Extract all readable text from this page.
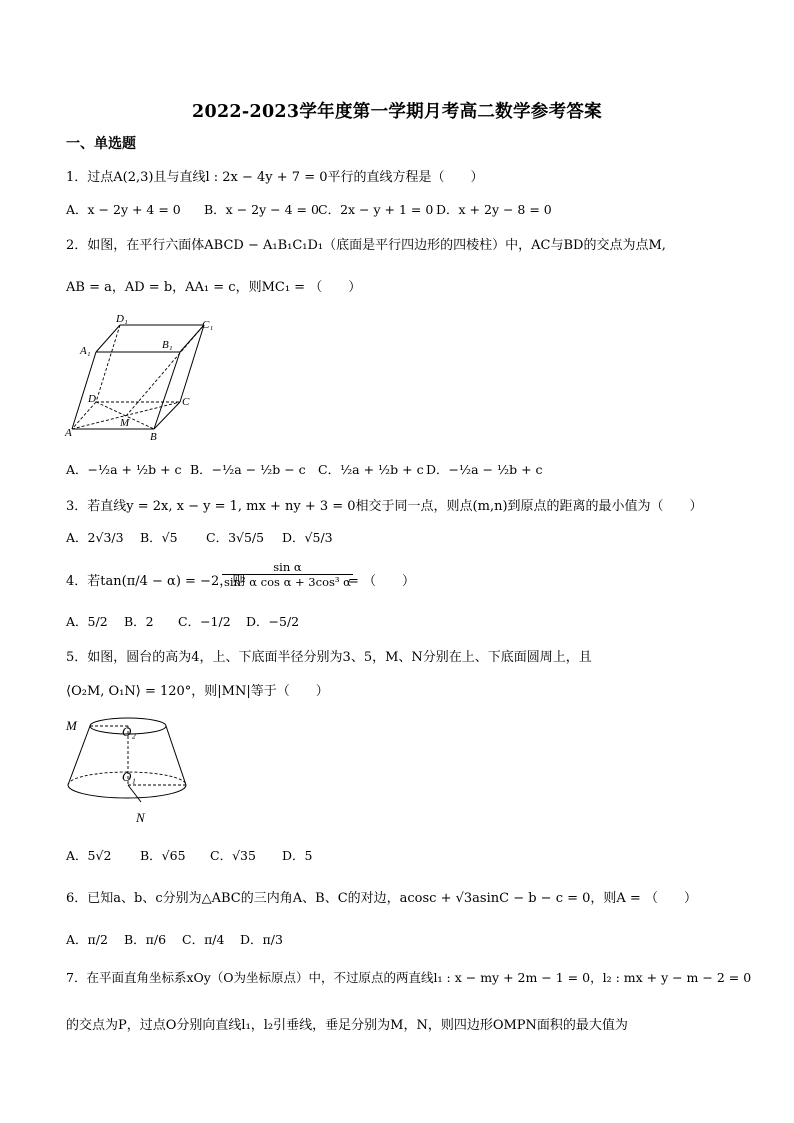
2022-2023学年度第一学期月考高二数学参考答案
一、单选题
1．过点A(2,3)且与直线l : 2x − 4y + 7 = 0平行的直线方程是（　　）
A．x − 2y + 4 = 0 B．x − 2y − 4 = 0 C．2x − y + 1 = 0 D．x + 2y − 8 = 0
2．如图，在平行六面体ABCD − A₁B₁C₁D₁（底面是平行四边形的四棱柱）中，AC与BD的交点为点M,
AB = a，AD = b，AA₁ = c，则MC₁ = （　　）
D₁	C₁
A₁	B₁
D	C
M
A	B
A．−½a + ½b + c B．−½a − ½b − c C．½a + ½b + c D．−½a − ½b + c
3．若直线y = 2x, x − y = 1, mx + ny + 3 = 0相交于同一点，则点(m,n)到原点的距离的最小值为（　　）
A．2√3/3 B．√5 C．3√5/5 D．√5/3
4．若tan(π/4 − α) = −2，则
$\frac{\text{sin α}}{\text{sin² α cos α + 3cos³ α}}$
= （　　）
A．5/2 B．2 C．−1/2 D．−5/2
5．如图，圆台的高为4，上、下底面半径分别为3、5，M、N分别在上、下底面圆周上，且
⟨O₂M, O₁N⟩ = 120°，则|MN|等于（　　）
M	O₂
O₁
N
A．5√2 B．√65 C．√35 D．5
6．已知a、b、c分别为△ABC的三内角A、B、C的对边，acosc + √3asinC − b − c = 0，则A = （　　）
A．π/2 B．π/6 C．π/4 D．π/3
7．在平面直角坐标系xOy（O为坐标原点）中，不过原点的两直线l₁ : x − my + 2m − 1 = 0，l₂ : mx + y − m − 2 = 0
的交点为P，过点O分别向直线l₁，l₂引垂线，垂足分别为M，N，则四边形OMPN面积的最大值为
